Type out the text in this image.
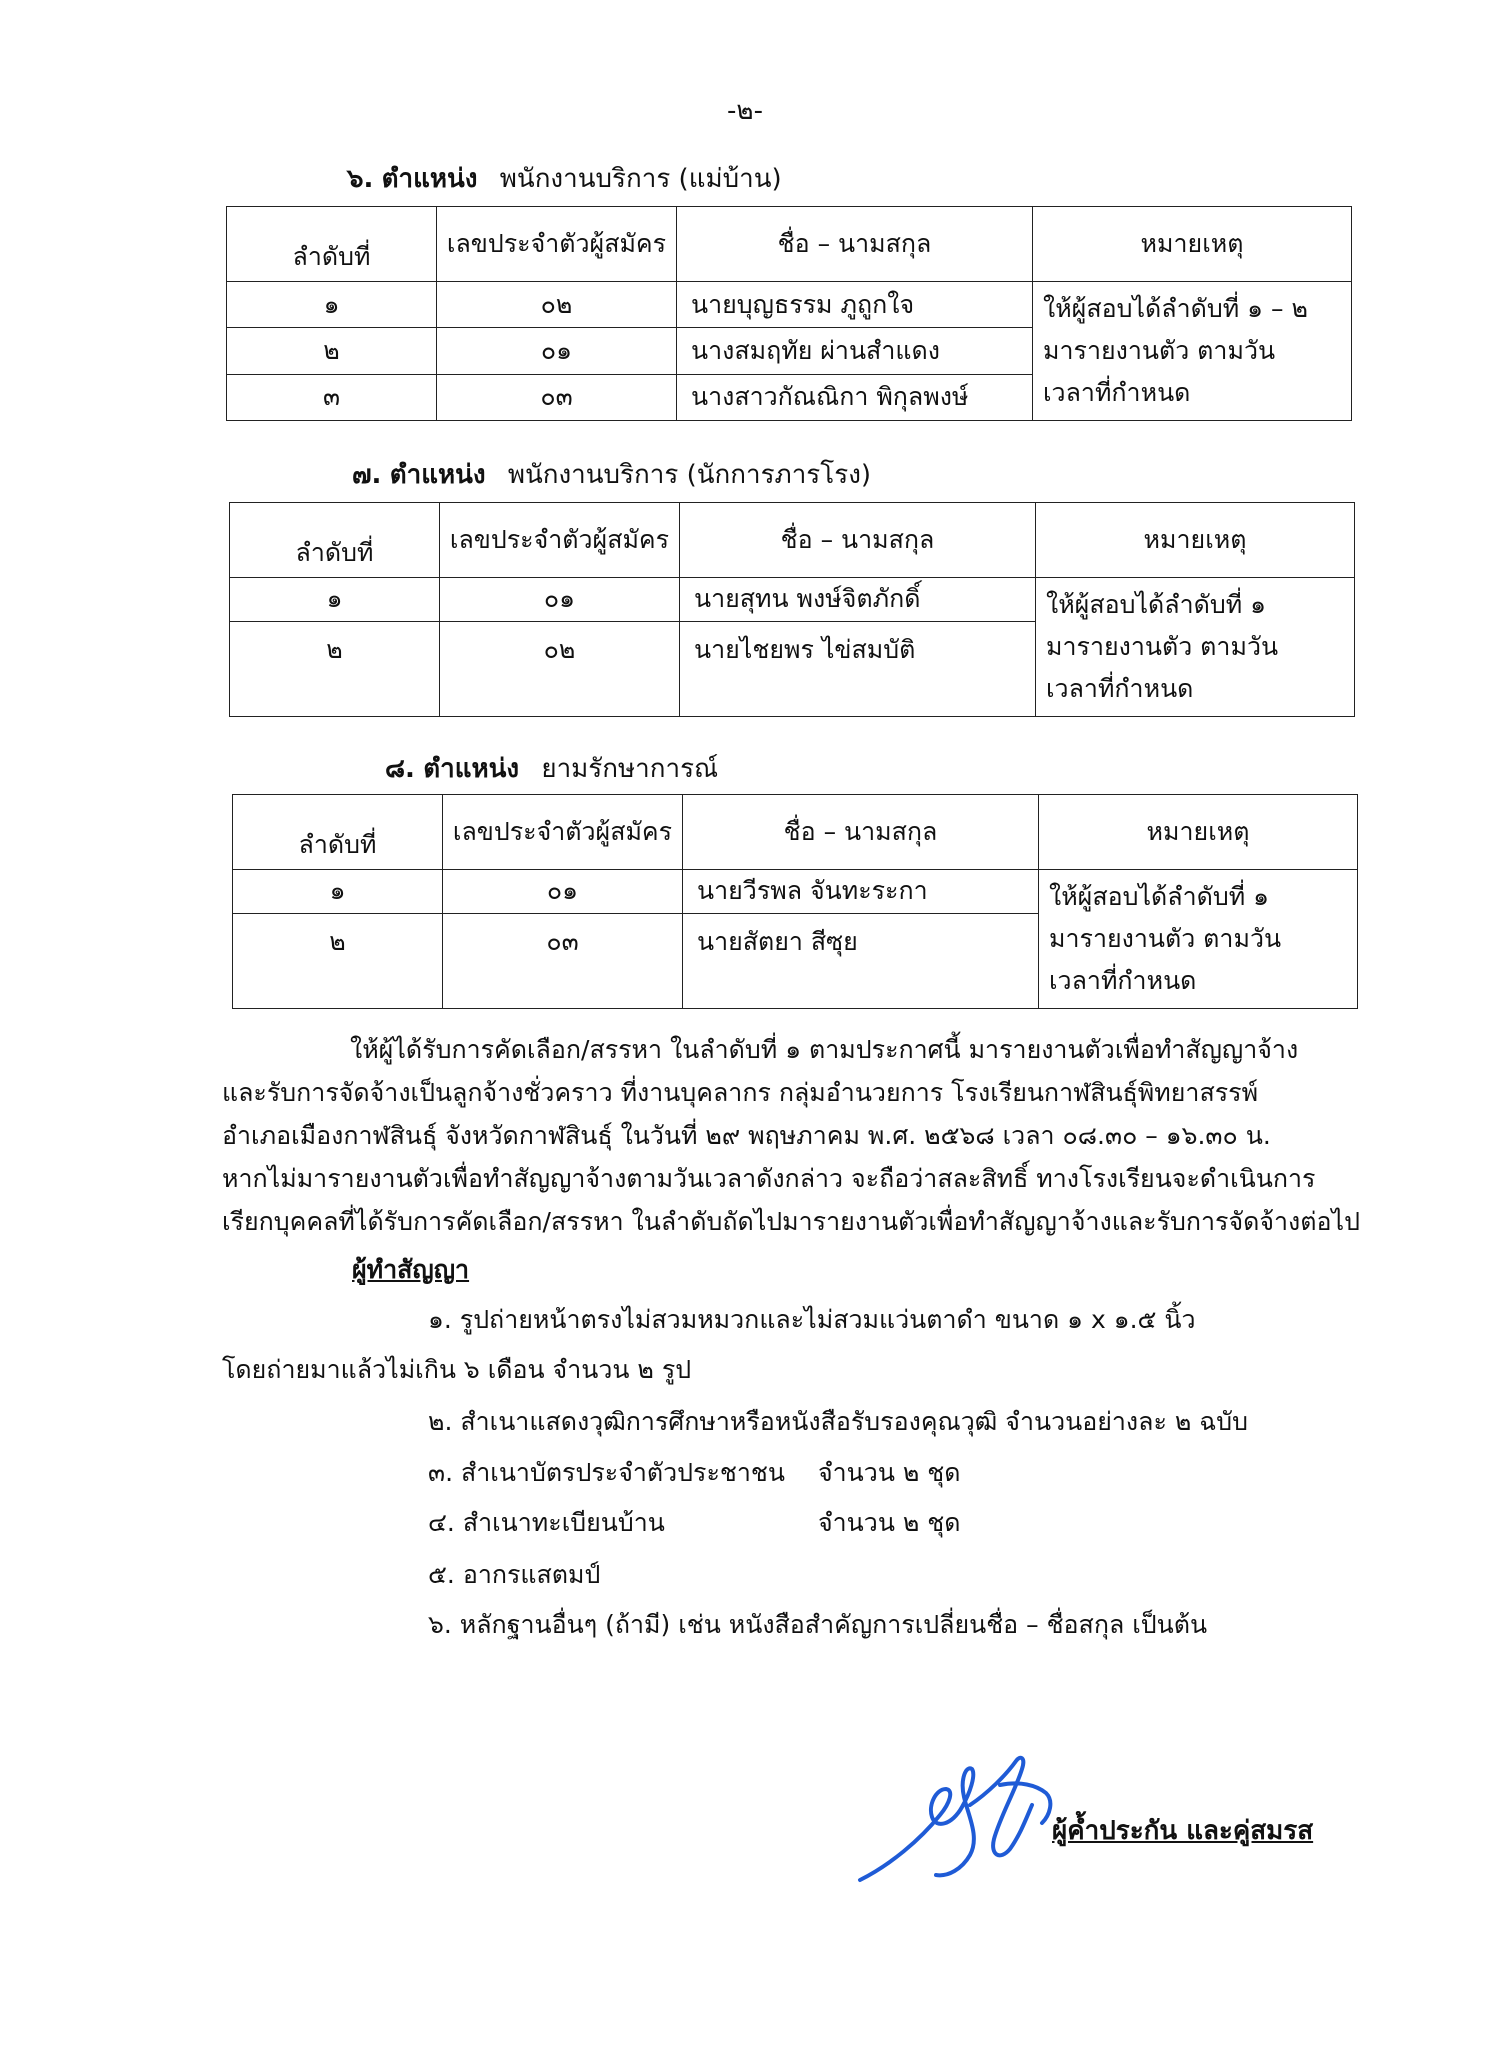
-๒-
๖. ตำแหน่ง พนักงานบริการ (แม่บ้าน)
ลำดับที่	เลขประจำตัวผู้สมัคร	ชื่อ – นามสกุล	หมายเหตุ
๑	๐๒	นายบุญธรรม ภูถูกใจ	ให้ผู้สอบได้ลำดับที่ ๑ – ๒
มารายงานตัว ตามวัน
เวลาที่กำหนด

๒	๐๑	นางสมฤทัย ผ่านสำแดง	
๓	๐๓	นางสาวกัณณิกา พิกุลพงษ์	
๗. ตำแหน่ง พนักงานบริการ (นักการภารโรง)
ลำดับที่	เลขประจำตัวผู้สมัคร	ชื่อ – นามสกุล	หมายเหตุ
๑	๐๑	นายสุทน พงษ์จิตภักดิ์	ให้ผู้สอบได้ลำดับที่ ๑
มารายงานตัว ตามวัน
เวลาที่กำหนด

๒	๐๒	นายไชยพร ไข่สมบัติ	
๘. ตำแหน่ง ยามรักษาการณ์
ลำดับที่	เลขประจำตัวผู้สมัคร	ชื่อ – นามสกุล	หมายเหตุ
๑	๐๑	นายวีรพล จันทะระกา	ให้ผู้สอบได้ลำดับที่ ๑
มารายงานตัว ตามวัน
เวลาที่กำหนด

๒	๐๓	นายสัตยา สีซุย	

ให้ผู้ได้รับการคัดเลือก/สรรหา ในลำดับที่ ๑ ตามประกาศนี้ มารายงานตัวเพื่อทำสัญญาจ้าง

และรับการจัดจ้างเป็นลูกจ้างชั่วคราว ที่งานบุคลากร กลุ่มอำนวยการ โรงเรียนกาฬสินธุ์พิทยาสรรพ์

อำเภอเมืองกาฬสินธุ์ จังหวัดกาฬสินธุ์ ในวันที่ ๒๙ พฤษภาคม พ.ศ. ๒๕๖๘ เวลา ๐๘.๓๐ – ๑๖.๓๐ น.

หากไม่มารายงานตัวเพื่อทำสัญญาจ้างตามวันเวลาดังกล่าว จะถือว่าสละสิทธิ์ ทางโรงเรียนจะดำเนินการ

เรียกบุคคลที่ได้รับการคัดเลือก/สรรหา ในลำดับถัดไปมารายงานตัวเพื่อทำสัญญาจ้างและรับการจัดจ้างต่อไป

ผู้ทำสัญญา
๑. รูปถ่ายหน้าตรงไม่สวมหมวกและไม่สวมแว่นตาดำ ขนาด ๑ x ๑.๕ นิ้ว
โดยถ่ายมาแล้วไม่เกิน ๖ เดือน จำนวน ๒ รูป
๒. สำเนาแสดงวุฒิการศึกษาหรือหนังสือรับรองคุณวุฒิ จำนวนอย่างละ ๒ ฉบับ
๓. สำเนาบัตรประจำตัวประชาชน จำนวน ๒ ชุด
๔. สำเนาทะเบียนบ้าน	จำนวน ๒ ชุด
๕. อากรแสตมป์
๖. หลักฐานอื่นๆ (ถ้ามี) เช่น หนังสือสำคัญการเปลี่ยนชื่อ – ชื่อสกุล เป็นต้น
ผู้ค้ำประกัน และคู่สมรส
